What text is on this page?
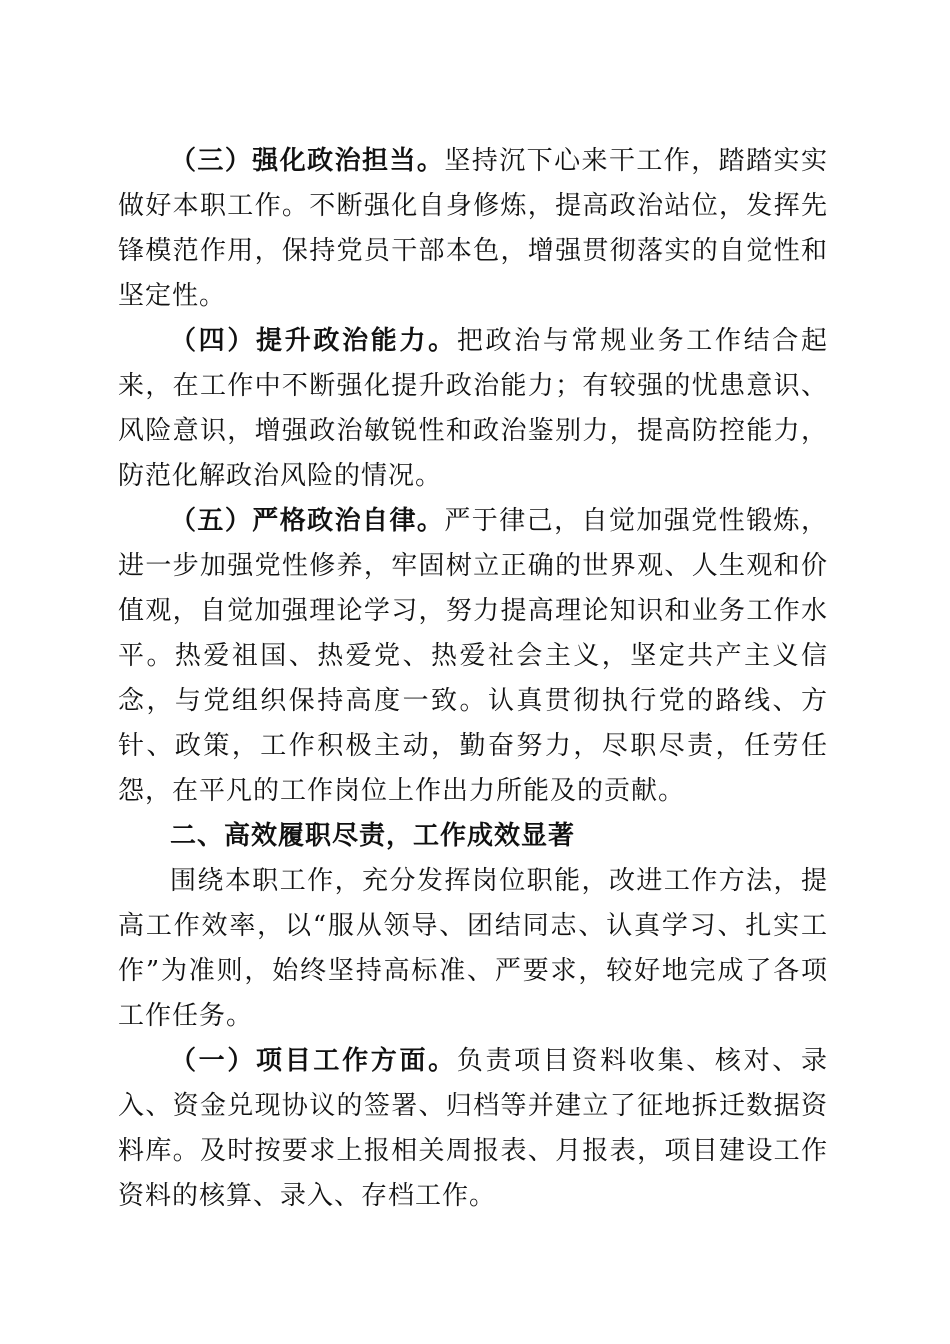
（三）强化政治担当。坚持沉下心来干工作，踏踏实实做好本职工作。不断强化自身修炼，提高政治站位，发挥先锋模范作用，保持党员干部本色，增强贯彻落实的自觉性和坚定性。

（四）提升政治能力。把政治与常规业务工作结合起来，在工作中不断强化提升政治能力；有较强的忧患意识、风险意识，增强政治敏锐性和政治鉴别力，提高防控能力，防范化解政治风险的情况。

（五）严格政治自律。严于律己，自觉加强党性锻炼，进一步加强党性修养，牢固树立正确的世界观、人生观和价值观，自觉加强理论学习，努力提高理论知识和业务工作水平。热爱祖国、热爱党、热爱社会主义，坚定共产主义信念，与党组织保持高度一致。认真贯彻执行党的路线、方针、政策，工作积极主动，勤奋努力，尽职尽责，任劳任怨，在平凡的工作岗位上作出力所能及的贡献。

二、高效履职尽责，工作成效显著

围绕本职工作，充分发挥岗位职能，改进工作方法，提高工作效率，以“服从领导、团结同志、认真学习、扎实工作”为准则，始终坚持高标准、严要求，较好地完成了各项工作任务。

（一）项目工作方面。负责项目资料收集、核对、录入、资金兑现协议的签署、归档等并建立了征地拆迁数据资料库。及时按要求上报相关周报表、月报表，项目建设工作资料的核算、录入、存档工作。
